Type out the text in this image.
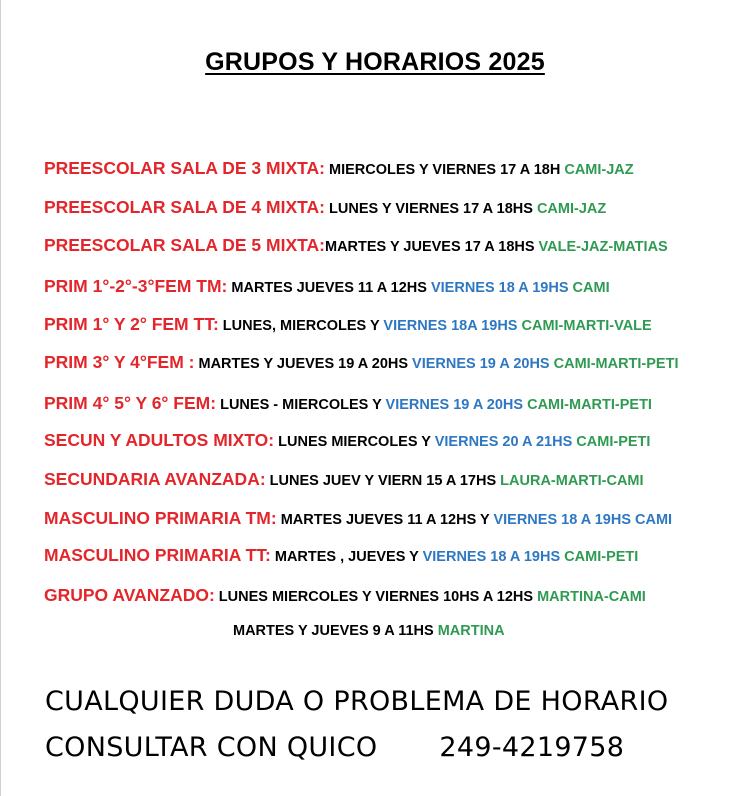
GRUPOS Y HORARIOS 2025
PREESCOLAR SALA DE 3 MIXTA: MIERCOLES Y VIERNES 17 A 18H CAMI-JAZ
PREESCOLAR SALA DE 4 MIXTA: LUNES Y VIERNES 17 A 18HS CAMI-JAZ
PREESCOLAR SALA DE 5 MIXTA:MARTES Y JUEVES 17 A 18HS VALE-JAZ-MATIAS
PRIM 1°-2°-3°FEM TM: MARTES JUEVES 11 A 12HS VIERNES 18 A 19HS CAMI
PRIM 1° Y 2° FEM TT: LUNES, MIERCOLES Y VIERNES 18A 19HS CAMI-MARTI-VALE
PRIM 3° Y 4°FEM : MARTES Y JUEVES 19 A 20HS VIERNES 19 A 20HS CAMI-MARTI-PETI
PRIM 4° 5° Y 6° FEM: LUNES - MIERCOLES Y VIERNES 19 A 20HS CAMI-MARTI-PETI
SECUN Y ADULTOS MIXTO: LUNES MIERCOLES Y VIERNES 20 A 21HS CAMI-PETI
SECUNDARIA AVANZADA: LUNES JUEV Y VIERN 15 A 17HS LAURA-MARTI-CAMI
MASCULINO PRIMARIA TM: MARTES JUEVES 11 A 12HS Y VIERNES 18 A 19HS CAMI
MASCULINO PRIMARIA TT: MARTES , JUEVES Y VIERNES 18 A 19HS CAMI-PETI
GRUPO AVANZADO: LUNES MIERCOLES Y VIERNES 10HS A 12HS MARTINA-CAMI
MARTES Y JUEVES 9 A 11HS MARTINA
CUALQUIER DUDA O PROBLEMA DE HORARIO
CONSULTAR CON QUICO 249-4219758
